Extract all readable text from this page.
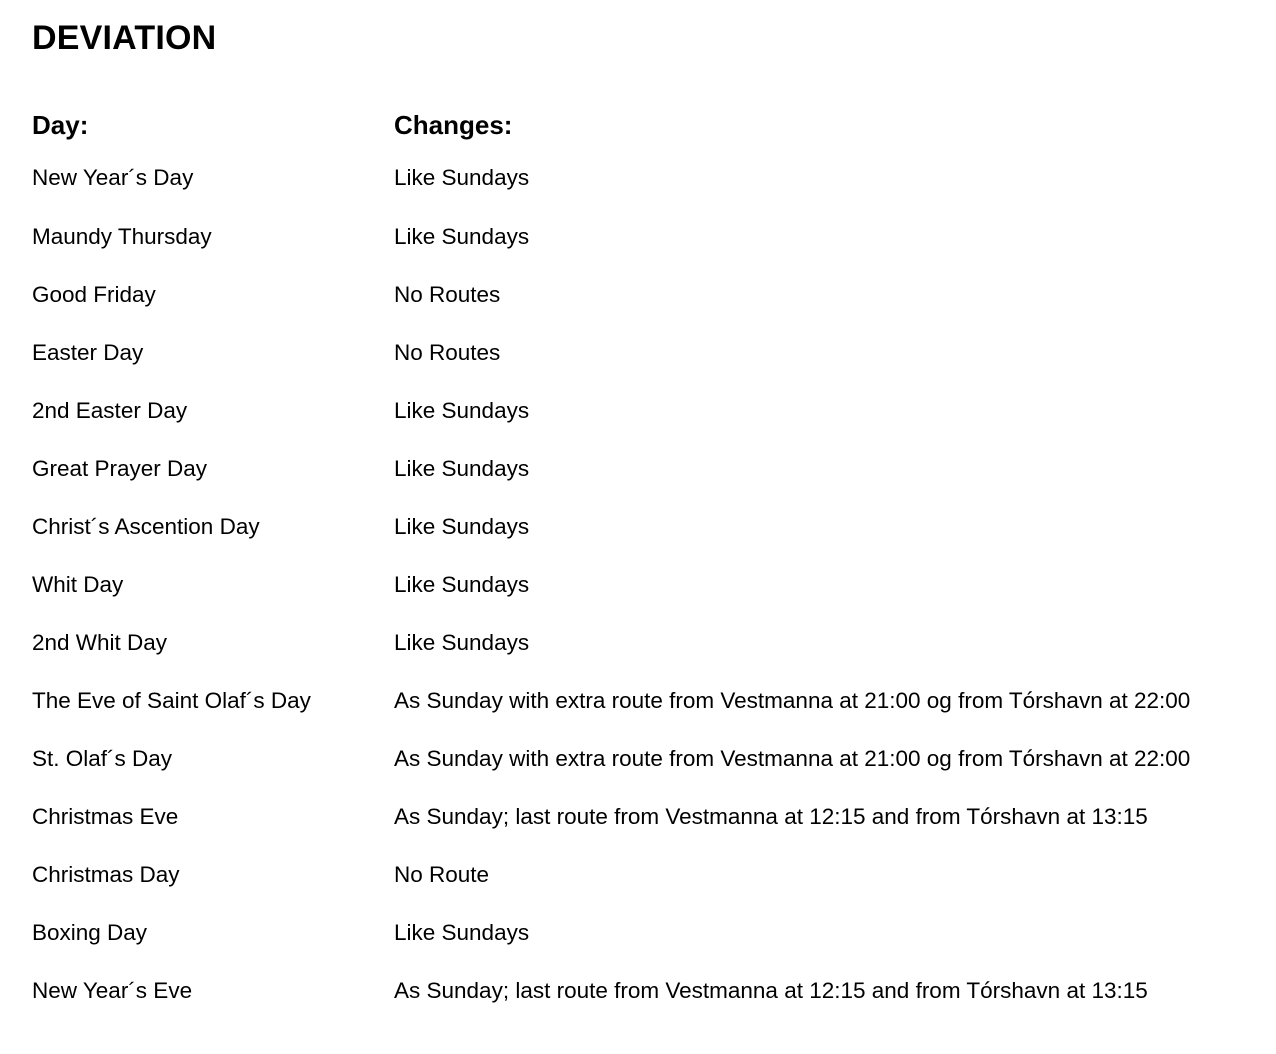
DEVIATION
Day:	Changes:
New Year´s Day	Like Sundays
Maundy Thursday	Like Sundays
Good Friday	No Routes
Easter Day	No Routes
2nd Easter Day	Like Sundays
Great Prayer Day	Like Sundays
Christ´s Ascention Day	Like Sundays
Whit Day	Like Sundays
2nd Whit Day	Like Sundays
The Eve of Saint Olaf´s Day	As Sunday with extra route from Vestmanna at 21:00 og from Tórshavn at 22:00
St. Olaf´s Day	As Sunday with extra route from Vestmanna at 21:00 og from Tórshavn at 22:00
Christmas Eve	As Sunday; last route from Vestmanna at 12:15 and from Tórshavn at 13:15
Christmas Day	No Route
Boxing Day	Like Sundays
New Year´s Eve	As Sunday; last route from Vestmanna at 12:15 and from Tórshavn at 13:15
